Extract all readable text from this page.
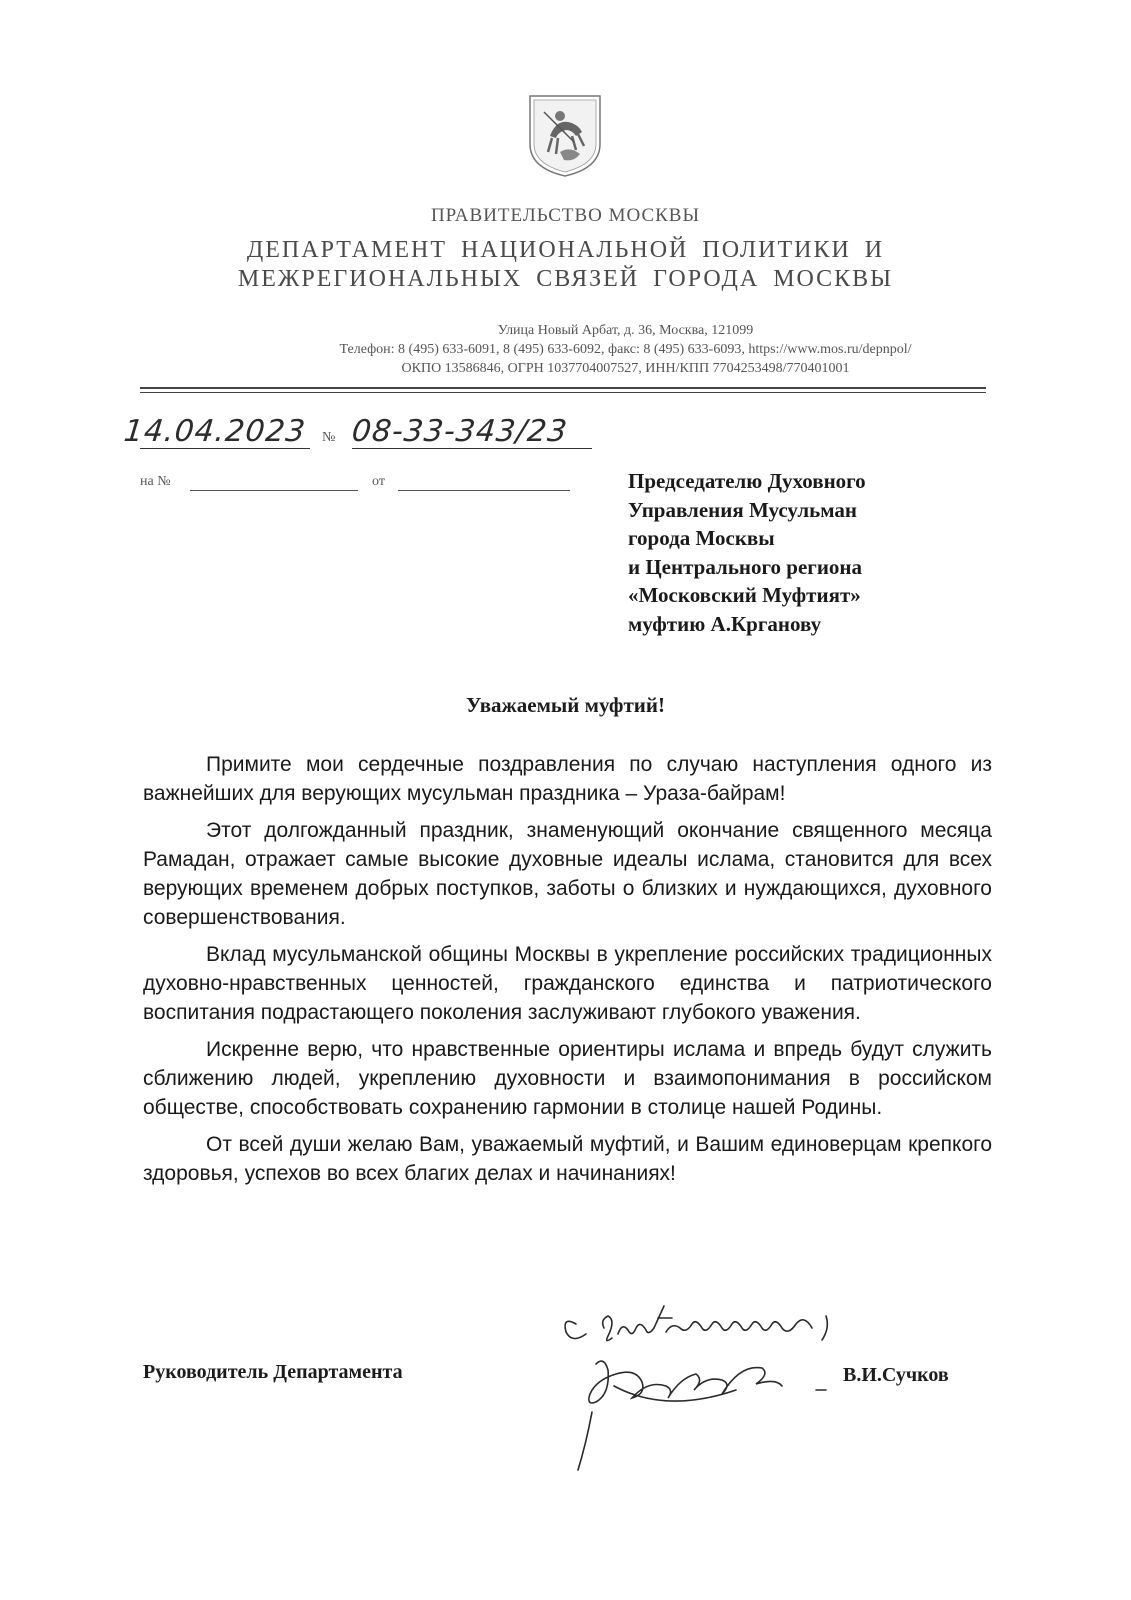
ПРАВИТЕЛЬСТВО МОСКВЫ
ДЕПАРТАМЕНТ НАЦИОНАЛЬНОЙ ПОЛИТИКИ И
МЕЖРЕГИОНАЛЬНЫХ СВЯЗЕЙ ГОРОДА МОСКВЫ
Улица Новый Арбат, д. 36, Москва, 121099
Телефон: 8 (495) 633-6091, 8 (495) 633-6092, факс: 8 (495) 633-6093, https://www.mos.ru/depnpol/
ОКПО 13586846, ОГРН 1037704007527, ИНН/КПП 7704253498/770401001
14.04.2023 № 08-33-343/23
на №	от	Председателю Духовного
Управления Мусульман
города Москвы
и Центрального региона
«Московский Муфтият»
муфтию А.Крганову
Уважаемый муфтий!

Примите мои сердечные поздравления по случаю наступления одного из важнейших для верующих мусульман праздника – Ураза-байрам!

Этот долгожданный праздник, знаменующий окончание священного месяца Рамадан, отражает самые высокие духовные идеалы ислама, становится для всех верующих временем добрых поступков, заботы о близких и нуждающихся, духовного совершенствования.

Вклад мусульманской общины Москвы в укрепление российских традиционных духовно-нравственных ценностей, гражданского единства и патриотического воспитания подрастающего поколения заслуживают глубокого уважения.

Искренне верю, что нравственные ориентиры ислама и впредь будут служить сближению людей, укреплению духовности и взаимопонимания в российском обществе, способствовать сохранению гармонии в столице нашей Родины.

От всей души желаю Вам, уважаемый муфтий, и Вашим единоверцам крепкого здоровья, успехов во всех благих делах и начинаниях!

Руководитель Департамента	В.И.Сучков
